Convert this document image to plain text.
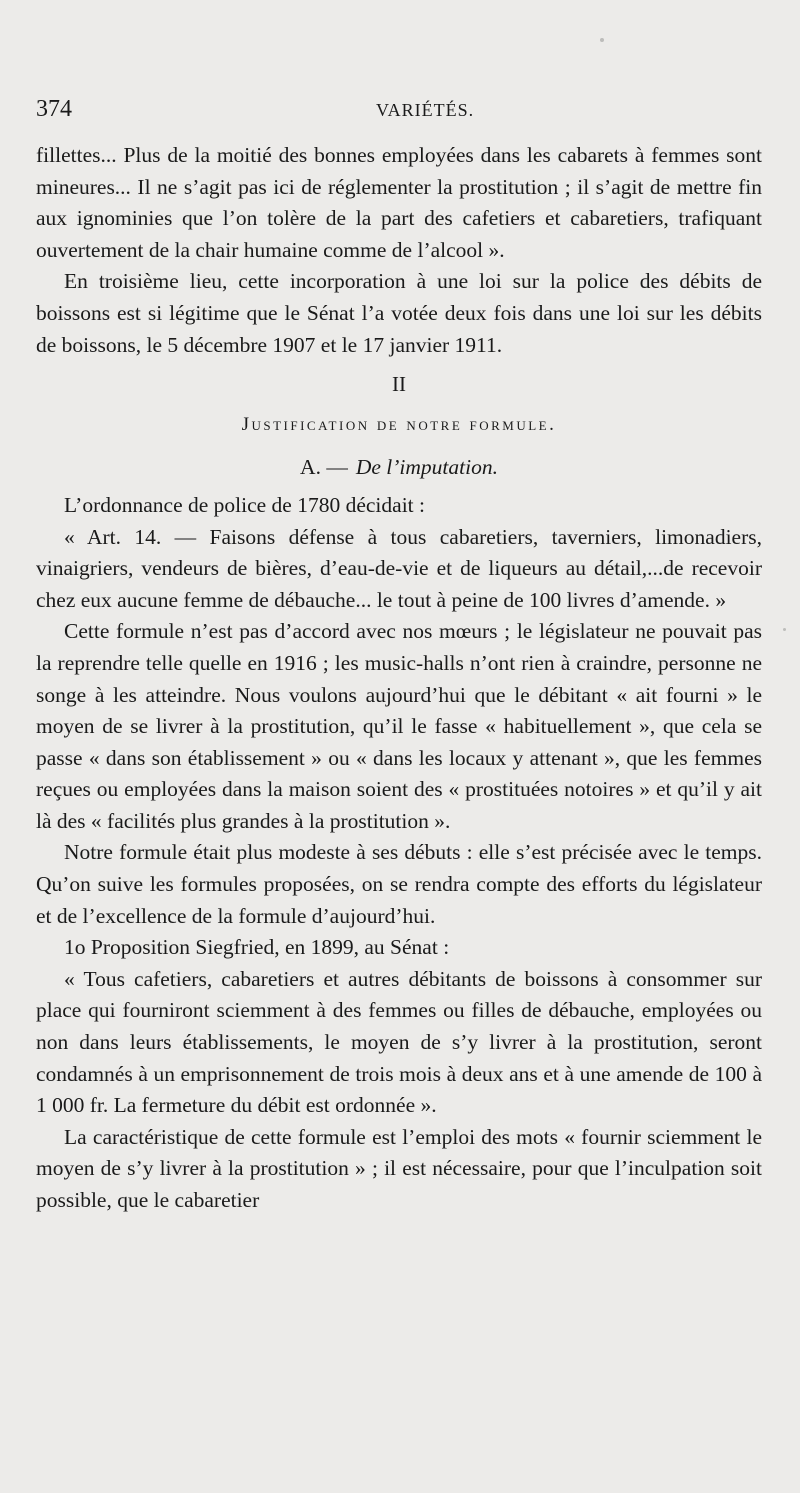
374	VARIÉTÉS.

fillettes... Plus de la moitié des bonnes employées dans les cabarets à femmes sont mineures... Il ne s’agit pas ici de réglementer la prostitution ; il s’agit de mettre fin aux ignominies que l’on tolère de la part des cafetiers et cabaretiers, trafiquant ouvertement de la chair humaine comme de l’alcool ».

En troisième lieu, cette incorporation à une loi sur la police des débits de boissons est si légitime que le Sénat l’a votée deux fois dans une loi sur les débits de boissons, le 5 décembre 1907 et le 17 janvier 1911.

II

Justification de notre formule.

A. — De l’imputation.

L’ordonnance de police de 1780 décidait :

« Art. 14. — Faisons défense à tous cabaretiers, taverniers, limonadiers, vinaigriers, vendeurs de bières, d’eau-de-vie et de liqueurs au détail,...de recevoir chez eux aucune femme de débauche... le tout à peine de 100 livres d’amende. »

Cette formule n’est pas d’accord avec nos mœurs ; le législateur ne pouvait pas la reprendre telle quelle en 1916 ; les music-halls n’ont rien à craindre, personne ne songe à les atteindre. Nous voulons aujourd’hui que le débitant « ait fourni » le moyen de se livrer à la prostitution, qu’il le fasse « habituellement », que cela se passe « dans son établissement » ou « dans les locaux y attenant », que les femmes reçues ou employées dans la maison soient des « prostituées notoires » et qu’il y ait là des « facilités plus grandes à la prostitution ».

Notre formule était plus modeste à ses débuts : elle s’est précisée avec le temps. Qu’on suive les formules proposées, on se rendra compte des efforts du législateur et de l’excellence de la formule d’aujourd’hui.

1o Proposition Siegfried, en 1899, au Sénat :

« Tous cafetiers, cabaretiers et autres débitants de boissons à consommer sur place qui fourniront sciemment à des femmes ou filles de débauche, employées ou non dans leurs établissements, le moyen de s’y livrer à la prostitution, seront condamnés à un emprisonnement de trois mois à deux ans et à une amende de 100 à 1 000 fr. La fermeture du débit est ordonnée ».

La caractéristique de cette formule est l’emploi des mots « fournir sciemment le moyen de s’y livrer à la prostitution » ; il est nécessaire, pour que l’inculpation soit possible, que le cabaretier
